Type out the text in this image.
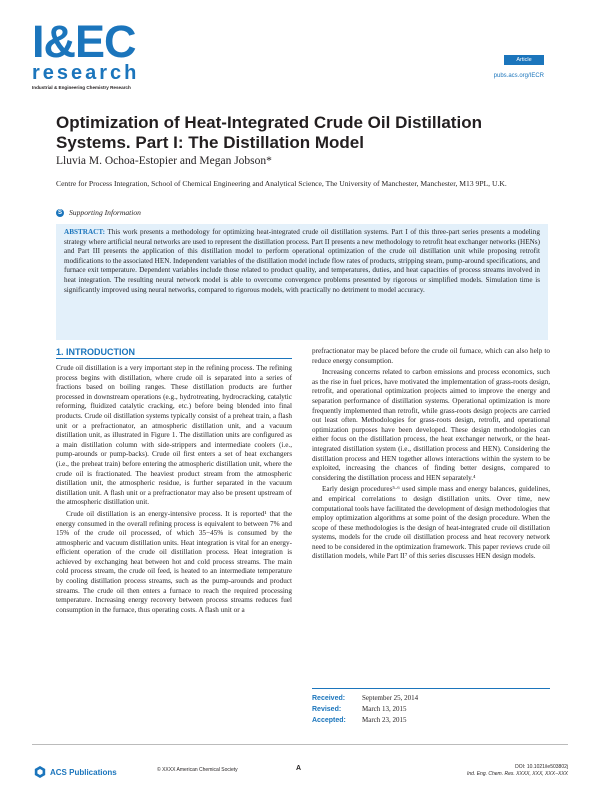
I&EC
research
Industrial & Engineering Chemistry Research
Article
pubs.acs.org/IECR
Optimization of Heat-Integrated Crude Oil Distillation Systems. Part I: The Distillation Model
Lluvia M. Ochoa-Estopier and Megan Jobson*
Centre for Process Integration, School of Chemical Engineering and Analytical Science, The University of Manchester, Manchester, M13 9PL, U.K.
S Supporting Information
ABSTRACT: This work presents a methodology for optimizing heat-integrated crude oil distillation systems. Part I of this three-part series presents a modeling strategy where artificial neural networks are used to represent the distillation process. Part II presents a new methodology to retrofit heat exchanger networks (HENs) and Part III presents the application of this distillation model to perform operational optimization of the crude oil distillation unit while proposing retrofit modifications to the associated HEN. Independent variables of the distillation model include flow rates of products, stripping steam, pump-around specifications, and furnace exit temperature. Dependent variables include those related to product quality, and temperatures, duties, and heat capacities of process streams involved in heat integration. The resulting neural network model is able to overcome convergence problems presented by rigorous or simplified models. Simulation time is significantly improved using neural networks, compared to rigorous models, with practically no detriment to model accuracy.
1. INTRODUCTION

Crude oil distillation is a very important step in the refining process. The refining process begins with distillation, where crude oil is separated into a series of fractions based on boiling ranges. These distillation products are further processed in downstream operations (e.g., hydrotreating, hydrocracking, catalytic reforming, fluidized catalytic cracking, etc.) before being blended into final products. Crude oil distillation systems typically consist of a preheat train, a flash unit or a prefractionator, an atmospheric distillation unit, and a vacuum distillation unit, as illustrated in Figure 1. The distillation units are configured as a main distillation column with side-strippers and intermediate coolers (i.e., pump-arounds or pump-backs). Crude oil first enters a set of heat exchangers (i.e., the preheat train) before entering the atmospheric distillation unit, where the crude oil is fractionated. The heaviest product stream from the atmospheric distillation unit, the atmospheric residue, is further separated in the vacuum distillation unit. A flash unit or a prefractionator may also be present upstream of the atmospheric distillation unit.

Crude oil distillation is an energy-intensive process. It is reported¹ that the energy consumed in the overall refining process is equivalent to between 7% and 15% of the crude oil processed, of which 35−45% is consumed by the atmospheric and vacuum distillation units. Heat integration is vital for an energy-efficient operation of the crude oil distillation process. Heat integration is achieved by exchanging heat between hot and cold process streams. The main cold process stream, the crude oil feed, is heated to an intermediate temperature by cooling distillation process streams, such as the pump-arounds and product streams. The crude oil then enters a furnace to reach the required processing temperature. Increasing energy recovery between process streams reduces fuel consumption in the furnace, thus operating costs. A flash unit or a

prefractionator may be placed before the crude oil furnace, which can also help to reduce energy consumption.

Increasing concerns related to carbon emissions and process economics, such as the rise in fuel prices, have motivated the implementation of grass-roots design, retrofit, and operational optimization projects aimed to improve the energy and separation performance of distillation systems. Operational optimization is more frequently implemented than retrofit, while grass-roots design projects are carried out least often. Methodologies for grass-roots design, retrofit, and operational optimization purposes have been developed. These design methodologies can either focus on the distillation process, the heat exchanger network, or the heat-integrated distillation system (i.e., distillation process and HEN). Considering the distillation process and HEN together allows interactions within the system to be exploited, increasing the chances of finding better designs, compared to considering the distillation process and HEN separately.⁴

Early design procedures⁵·⁶ used simple mass and energy balances, guidelines, and empirical correlations to design distillation units. Over time, new computational tools have facilitated the development of design methodologies that employ optimization algorithms at some point of the design procedure. When the scope of these methodologies is the design of heat-integrated crude oil distillation systems, models for the crude oil distillation process and heat recovery network need to be considered in the optimization framework. This paper reviews crude oil distillation models, while Part II⁷ of this series discusses HEN design models.

Received: September 25, 2014
Revised:	March 13, 2015
Accepted: March 23, 2015
ACS Publications	© XXXX American Chemical Society	A	DOI: 10.1021/ie503802j
Ind. Eng. Chem. Res. XXXX, XXX, XXX−XXX
